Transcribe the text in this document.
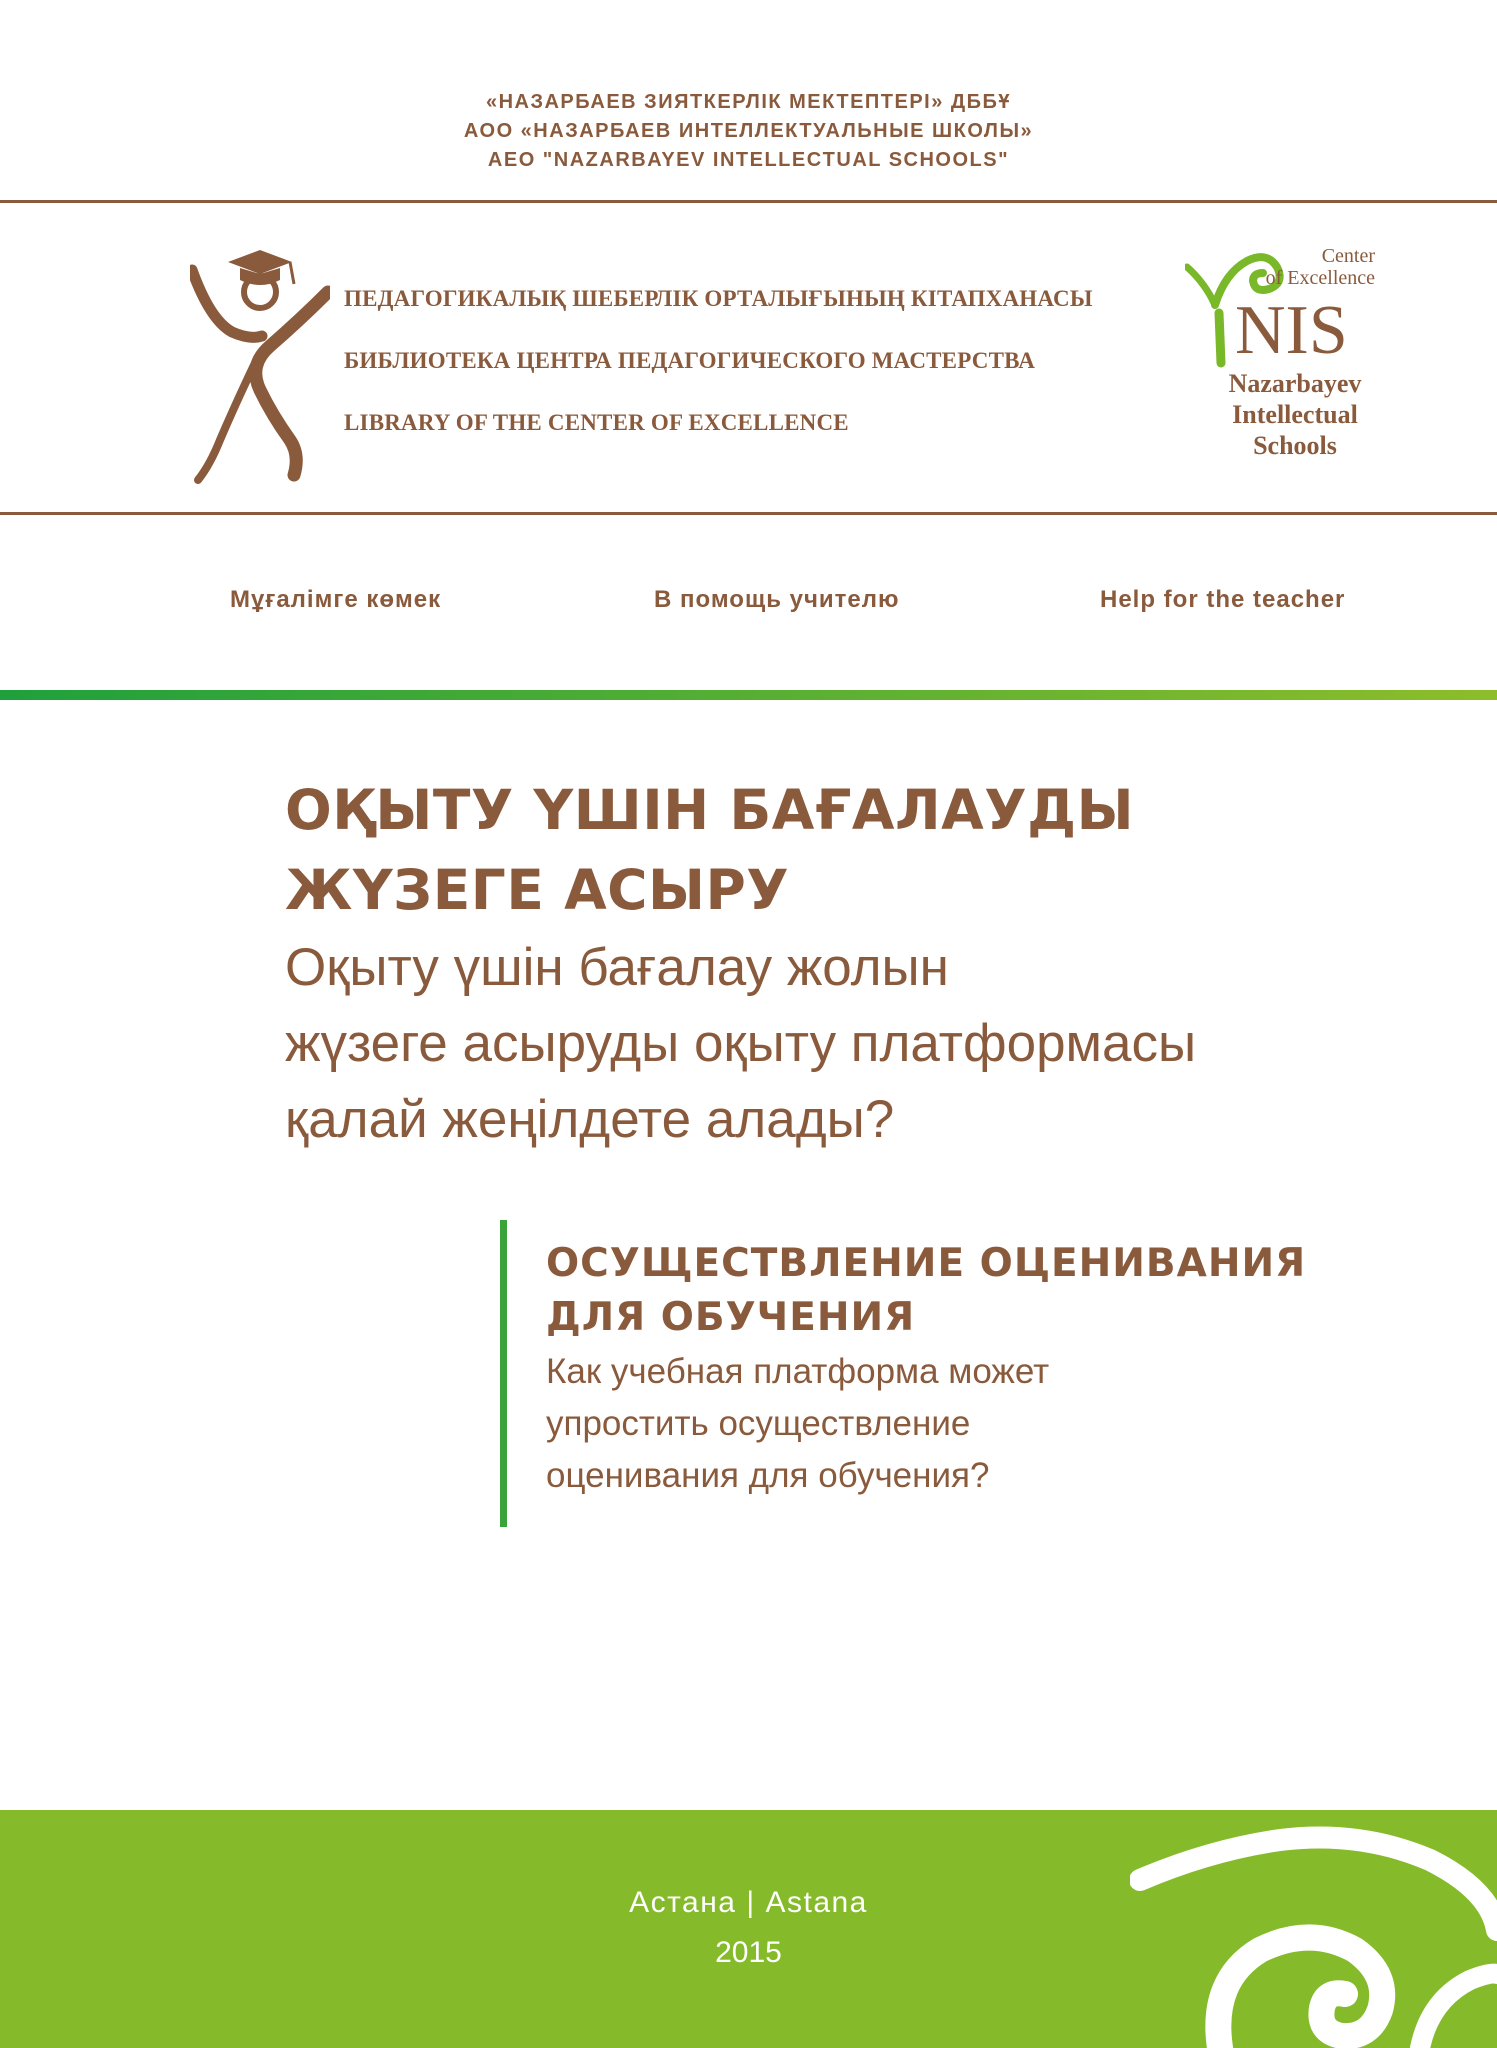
«НАЗАРБАЕВ ЗИЯТКЕРЛІК МЕКТЕПТЕРІ» ДББҰ
АОО «НАЗАРБАЕВ ИНТЕЛЛЕКТУАЛЬНЫЕ ШКОЛЫ»
АЕО "NAZARBAYEV INTELLECTUAL SCHOOLS"
ПЕДАГОГИКАЛЫҚ ШЕБЕРЛІК ОРТАЛЫҒЫНЫҢ КІТАПХАНАСЫ
БИБЛИОТЕКА ЦЕНТРА ПЕДАГОГИЧЕСКОГО МАСТЕРСТВА
LIBRARY OF THE CENTER OF EXCELLENCE
Center
of Excellence
NIS
Nazarbayev
Intellectual
Schools
Мұғалімге көмек	В помощь учителю	Help for the teacher
ОҚЫТУ ҮШІН БАҒАЛАУДЫ
ЖҮЗЕГЕ АСЫРУ
Оқыту үшін бағалау жолын
жүзеге асыруды оқыту платформасы
қалай жеңілдете алады?
ОСУЩЕСТВЛЕНИЕ ОЦЕНИВАНИЯ
ДЛЯ ОБУЧЕНИЯ
Как учебная платформа может
упростить осуществление
оценивания для обучения?
Астана | Astana
2015
